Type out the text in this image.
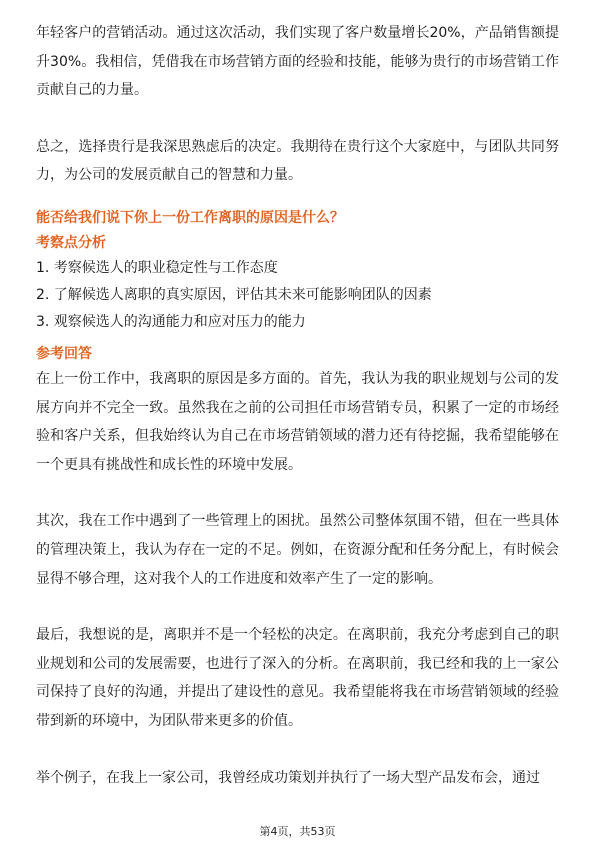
年轻客户的营销活动。通过这次活动，我们实现了客户数量增长20%，产品销售额提升30%。我相信，凭借我在市场营销方面的经验和技能，能够为贵行的市场营销工作贡献自己的力量。

总之，选择贵行是我深思熟虑后的决定。我期待在贵行这个大家庭中，与团队共同努力，为公司的发展贡献自己的智慧和力量。

能否给我们说下你上一份工作离职的原因是什么？

考察点分析

1. 考察候选人的职业稳定性与工作态度

2. 了解候选人离职的真实原因，评估其未来可能影响团队的因素

3. 观察候选人的沟通能力和应对压力的能力

参考回答

在上一份工作中，我离职的原因是多方面的。首先，我认为我的职业规划与公司的发展方向并不完全一致。虽然我在之前的公司担任市场营销专员，积累了一定的市场经验和客户关系，但我始终认为自己在市场营销领域的潜力还有待挖掘，我希望能够在一个更具有挑战性和成长性的环境中发展。

其次，我在工作中遇到了一些管理上的困扰。虽然公司整体氛围不错，但在一些具体的管理决策上，我认为存在一定的不足。例如，在资源分配和任务分配上，有时候会显得不够合理，这对我个人的工作进度和效率产生了一定的影响。

最后，我想说的是，离职并不是一个轻松的决定。在离职前，我充分考虑到自己的职业规划和公司的发展需要，也进行了深入的分析。在离职前，我已经和我的上一家公司保持了良好的沟通，并提出了建设性的意见。我希望能将我在市场营销领域的经验带到新的环境中，为团队带来更多的价值。

举个例子，在我上一家公司，我曾经成功策划并执行了一场大型产品发布会，通过

第4页，共53页
